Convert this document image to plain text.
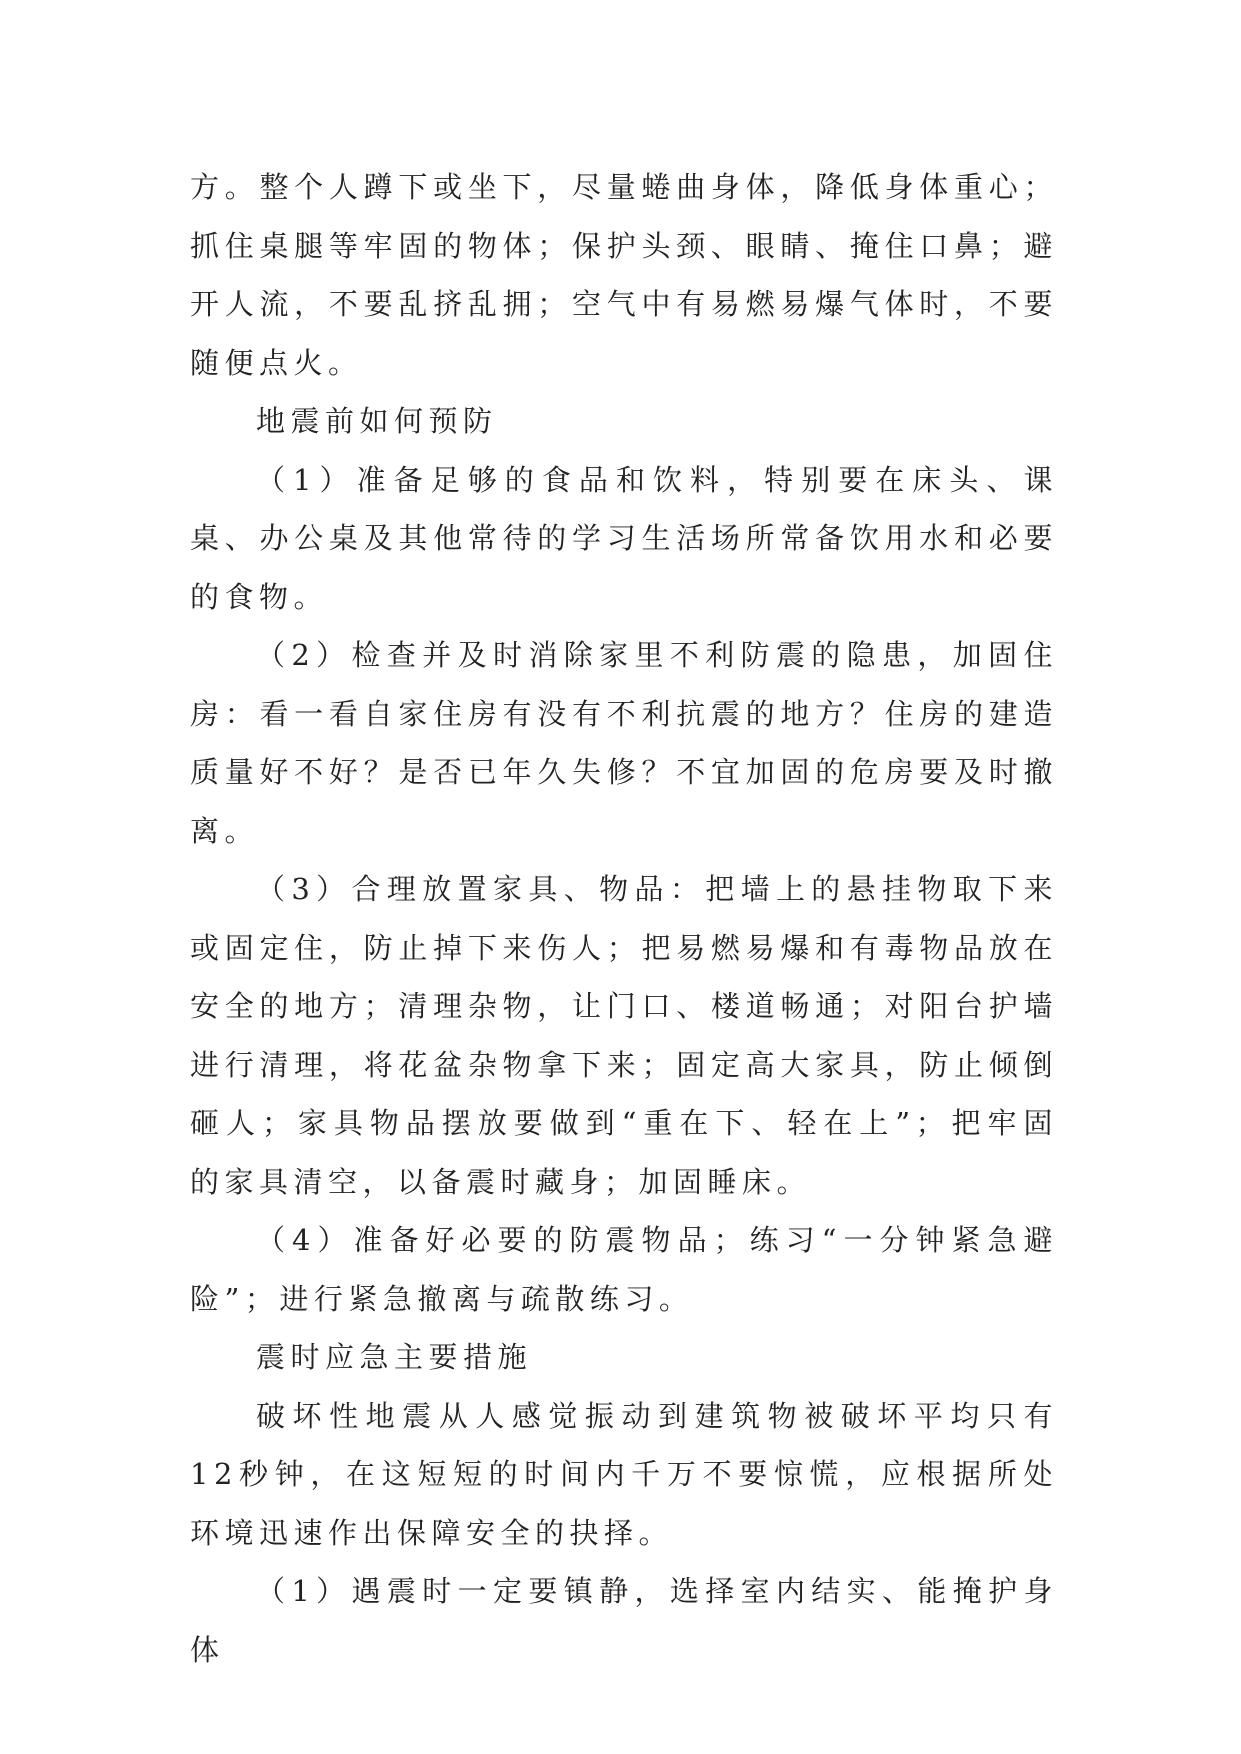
方。整个人蹲下或坐下，尽量蜷曲身体，降低身体重心；抓住桌腿等牢固的物体；保护头颈、眼睛、掩住口鼻；避开人流，不要乱挤乱拥；空气中有易燃易爆气体时，不要随便点火。

地震前如何预防

（1）准备足够的食品和饮料，特别要在床头、课桌、办公桌及其他常待的学习生活场所常备饮用水和必要的食物。

（2）检查并及时消除家里不利防震的隐患，加固住房：看一看自家住房有没有不利抗震的地方？住房的建造质量好不好？是否已年久失修？不宜加固的危房要及时撤离。

（3）合理放置家具、物品：把墙上的悬挂物取下来或固定住，防止掉下来伤人；把易燃易爆和有毒物品放在安全的地方；清理杂物，让门口、楼道畅通；对阳台护墙进行清理，将花盆杂物拿下来；固定高大家具，防止倾倒砸人；家具物品摆放要做到“重在下、轻在上”；把牢固的家具清空，以备震时藏身；加固睡床。

（4）准备好必要的防震物品；练习“一分钟紧急避险”；进行紧急撤离与疏散练习。

震时应急主要措施

破坏性地震从人感觉振动到建筑物被破坏平均只有12秒钟，在这短短的时间内千万不要惊慌，应根据所处环境迅速作出保障安全的抉择。

（1）遇震时一定要镇静，选择室内结实、能掩护身体
